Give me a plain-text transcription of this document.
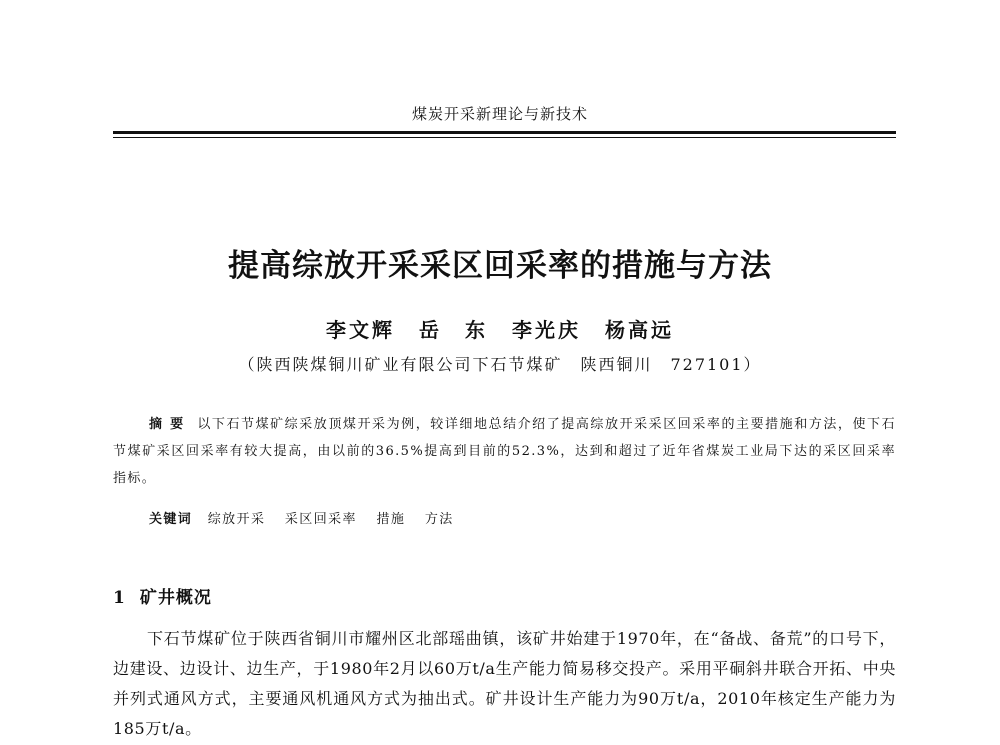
煤炭开采新理论与新技术
提高综放开采采区回采率的措施与方法
李文辉 岳　东 李光庆 杨高远
（陕西陕煤铜川矿业有限公司下石节煤矿　陕西铜川　727101）
摘要 以下石节煤矿综采放顶煤开采为例，较详细地总结介绍了提高综放开采采区回采率的主要措施和方法，使下石节煤矿采区回采率有较大提高，由以前的36.5%提高到目前的52.3%，达到和超过了近年省煤炭工业局下达的采区回采率指标。
关键词 综放开采 采区回采率 措施 方法
1 矿井概况
下石节煤矿位于陕西省铜川市耀州区北部瑶曲镇，该矿井始建于1970年，在“备战、备荒”的口号下，边建设、边设计、边生产，于1980年2月以60万t/a生产能力简易移交投产。采用平硐斜井联合开拓、中央并列式通风方式，主要通风机通风方式为抽出式。矿井设计生产能力为90万t/a，2010年核定生产能力为185万t/a。
